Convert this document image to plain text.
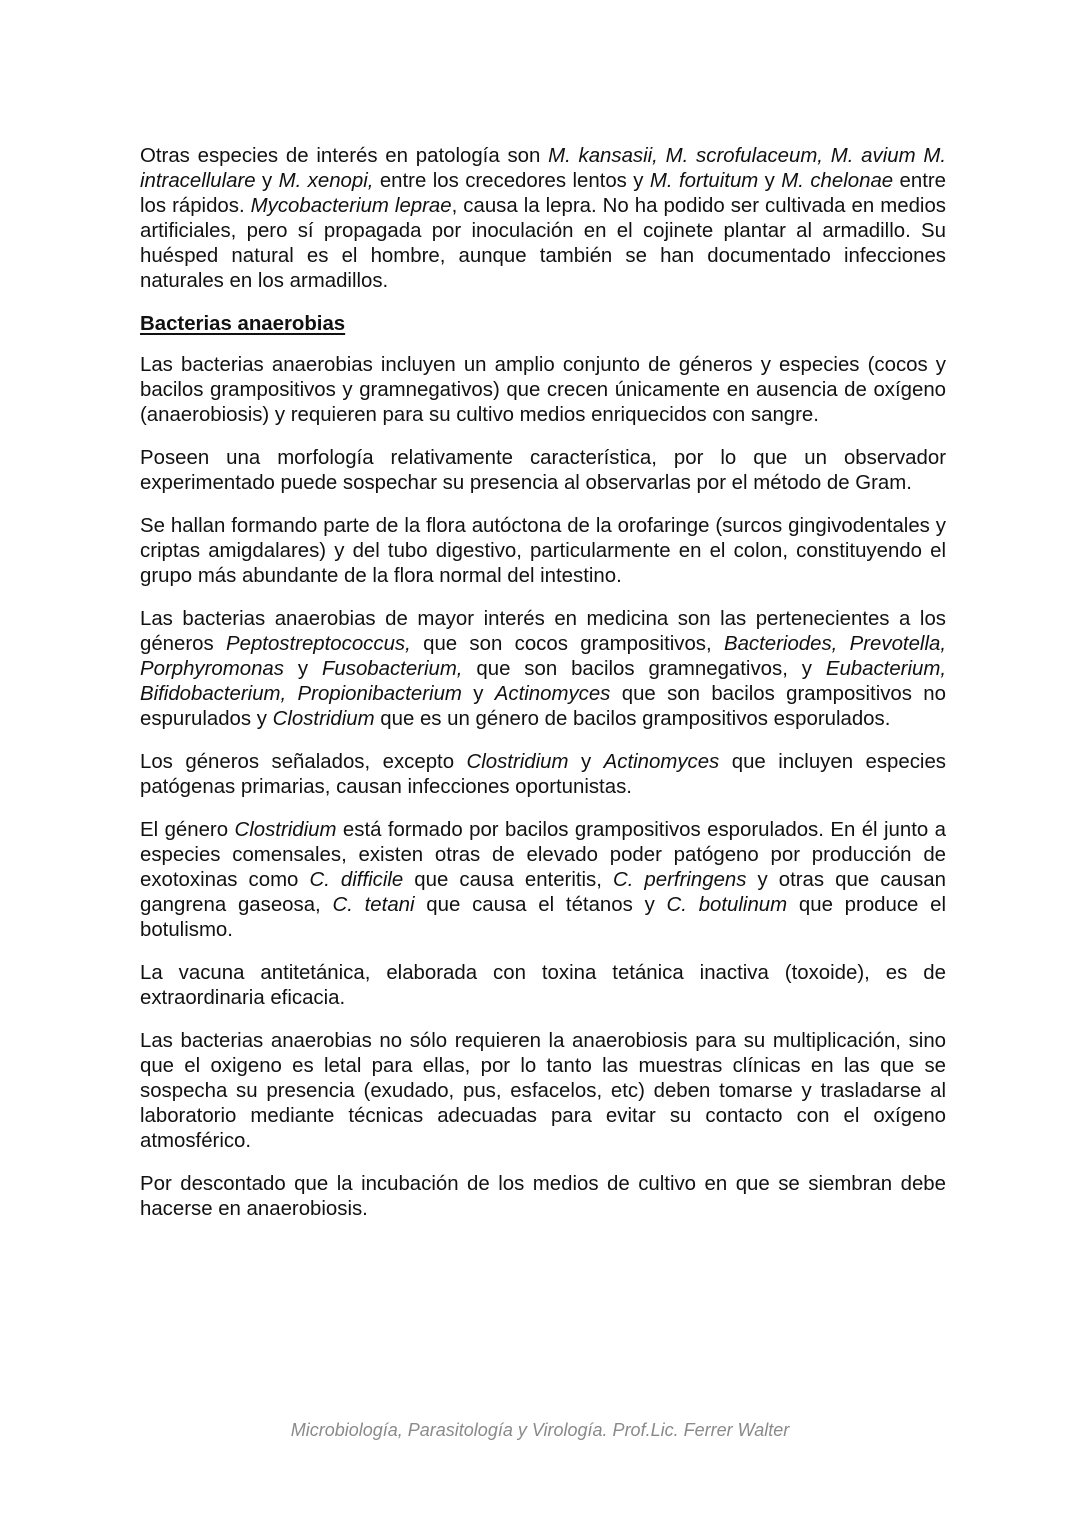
Otras especies de interés en patología son M. kansasii, M. scrofulaceum, M. avium M. intracellulare y M. xenopi, entre los crecedores lentos y M. fortuitum y M. chelonae entre los rápidos. Mycobacterium leprae, causa la lepra. No ha podido ser cultivada en medios artificiales, pero sí propagada por inoculación en el cojinete plantar al armadillo. Su huésped natural es el hombre, aunque también se han documentado infecciones naturales en los armadillos.

Bacterias anaerobias

Las bacterias anaerobias incluyen un amplio conjunto de géneros y especies (cocos y bacilos grampositivos y gramnegativos) que crecen únicamente en ausencia de oxígeno (anaerobiosis) y requieren para su cultivo medios enriquecidos con sangre.

Poseen una morfología relativamente característica, por lo que un observador experimentado puede sospechar su presencia al observarlas por el método de Gram.

Se hallan formando parte de la flora autóctona de la orofaringe (surcos gingivodentales y criptas amigdalares) y del tubo digestivo, particularmente en el colon, constituyendo el grupo más abundante de la flora normal del intestino.

Las bacterias anaerobias de mayor interés en medicina son las pertenecientes a los géneros Peptostreptococcus, que son cocos grampositivos, Bacteriodes, Prevotella, Porphyromonas y Fusobacterium, que son bacilos gramnegativos, y Eubacterium, Bifidobacterium, Propionibacterium y Actinomyces que son bacilos grampositivos no espurulados y Clostridium que es un género de bacilos grampositivos esporulados.

Los géneros señalados, excepto Clostridium y Actinomyces que incluyen especies patógenas primarias, causan infecciones oportunistas.

El género Clostridium está formado por bacilos grampositivos esporulados. En él junto a especies comensales, existen otras de elevado poder patógeno por producción de exotoxinas como C. difficile que causa enteritis, C. perfringens y otras que causan gangrena gaseosa, C. tetani que causa el tétanos y C. botulinum que produce el botulismo.

La vacuna antitetánica, elaborada con toxina tetánica inactiva (toxoide), es de extraordinaria eficacia.

Las bacterias anaerobias no sólo requieren la anaerobiosis para su multiplicación, sino que el oxigeno es letal para ellas, por lo tanto las muestras clínicas en las que se sospecha su presencia (exudado, pus, esfacelos, etc) deben tomarse y trasladarse al laboratorio mediante técnicas adecuadas para evitar su contacto con el oxígeno atmosférico.

Por descontado que la incubación de los medios de cultivo en que se siembran debe hacerse en anaerobiosis.

Microbiología, Parasitología y Virología. Prof.Lic. Ferrer Walter
